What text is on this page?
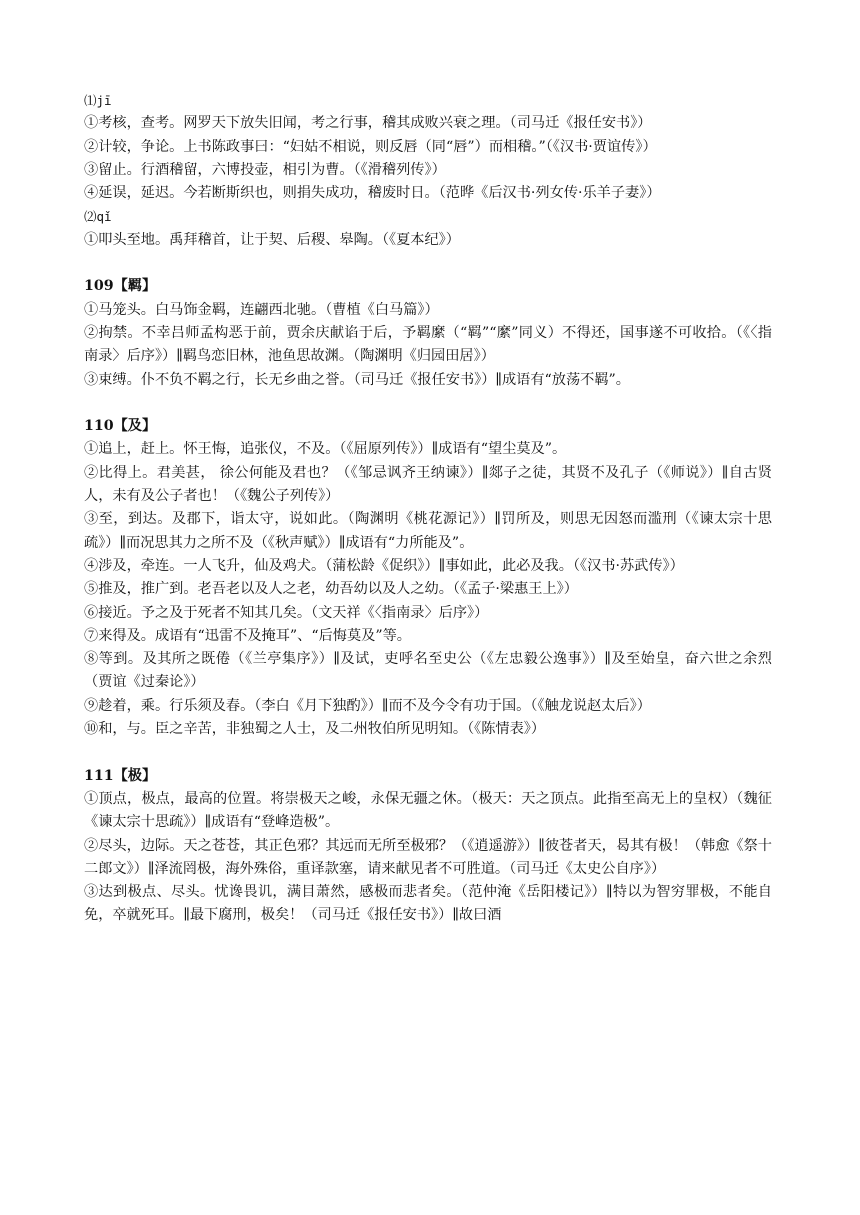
⑴jī

①考核，查考。网罗天下放失旧闻，考之行事，稽其成败兴衰之理。（司马迁《报任安书》）

②计较，争论。上书陈政事曰：“妇姑不相说，则反唇（同“唇”）而相稽。”（《汉书·贾谊传》）

③留止。行酒稽留，六博投壶，相引为曹。（《滑稽列传》）

④延误，延迟。今若断斯织也，则捐失成功，稽废时日。（范晔《后汉书·列女传·乐羊子妻》）

⑵qǐ

①叩头至地。禹拜稽首，让于契、后稷、皋陶。（《夏本纪》）

109【羁】

①马笼头。白马饰金羁，连翩西北驰。（曹植《白马篇》）

②拘禁。不幸吕师孟构恶于前，贾余庆献谄于后，予羁縻（“羁”“縻”同义）不得还，国事遂不可收拾。（《〈指南录〉后序》）∥羁鸟恋旧林，池鱼思故渊。（陶渊明《归园田居》）

③束缚。仆不负不羁之行，长无乡曲之誉。（司马迁《报任安书》）∥成语有“放荡不羁”。

110【及】

①追上，赶上。怀王悔，追张仪，不及。（《屈原列传》）∥成语有“望尘莫及”。

②比得上。君美甚， 徐公何能及君也？（《邹忌讽齐王纳谏》）∥郯子之徒，其贤不及孔子（《师说》）∥自古贤人，未有及公子者也！（《魏公子列传》）

③至，到达。及郡下，诣太守，说如此。（陶渊明《桃花源记》）∥罚所及，则思无因怒而滥刑（《谏太宗十思疏》）∥而况思其力之所不及（《秋声赋》）∥成语有“力所能及”。

④涉及，牵连。一人飞升，仙及鸡犬。（蒲松龄《促织》）∥事如此，此必及我。（《汉书·苏武传》）

⑤推及，推广到。老吾老以及人之老，幼吾幼以及人之幼。（《孟子·梁惠王上》）

⑥接近。予之及于死者不知其几矣。（文天祥《〈指南录〉后序》）

⑦来得及。成语有“迅雷不及掩耳”、“后悔莫及”等。

⑧等到。及其所之既倦（《兰亭集序》）∥及试，吏呼名至史公（《左忠毅公逸事》）∥及至始皇，奋六世之余烈（贾谊《过秦论》）

⑨趁着，乘。行乐须及春。（李白《月下独酌》）∥而不及今令有功于国。（《触龙说赵太后》）

⑩和，与。臣之辛苦，非独蜀之人士，及二州牧伯所见明知。（《陈情表》）

111【极】

①顶点，极点，最高的位置。将崇极天之峻，永保无疆之休。（极天：天之顶点。此指至高无上的皇权）（魏征《谏太宗十思疏》）∥成语有“登峰造极”。

②尽头，边际。天之苍苍，其正色邪？其远而无所至极邪？（《逍遥游》）∥彼苍者天，曷其有极！（韩愈《祭十二郎文》）∥泽流罔极，海外殊俗，重译款塞，请来献见者不可胜道。（司马迁《太史公自序》）

③达到极点、尽头。忧谗畏讥，满目萧然，感极而悲者矣。（范仲淹《岳阳楼记》）∥特以为智穷罪极，不能自免，卒就死耳。∥最下腐刑，极矣！（司马迁《报任安书》）∥故曰酒
